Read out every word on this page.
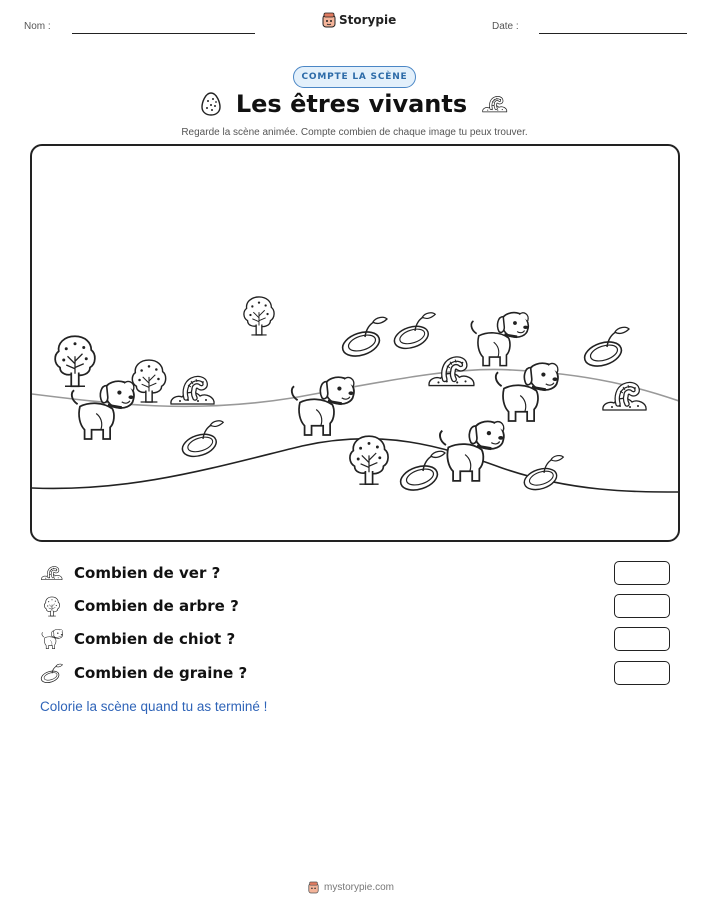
Nom :	Storypie	Date :
COMPTE LA SCÈNE
Les êtres vivants
Regarde la scène animée. Compte combien de chaque image tu peux trouver.
Combien de ver ?
Combien de arbre ?
Combien de chiot ?
Combien de graine ?
Colorie la scène quand tu as terminé !
mystorypie.com
